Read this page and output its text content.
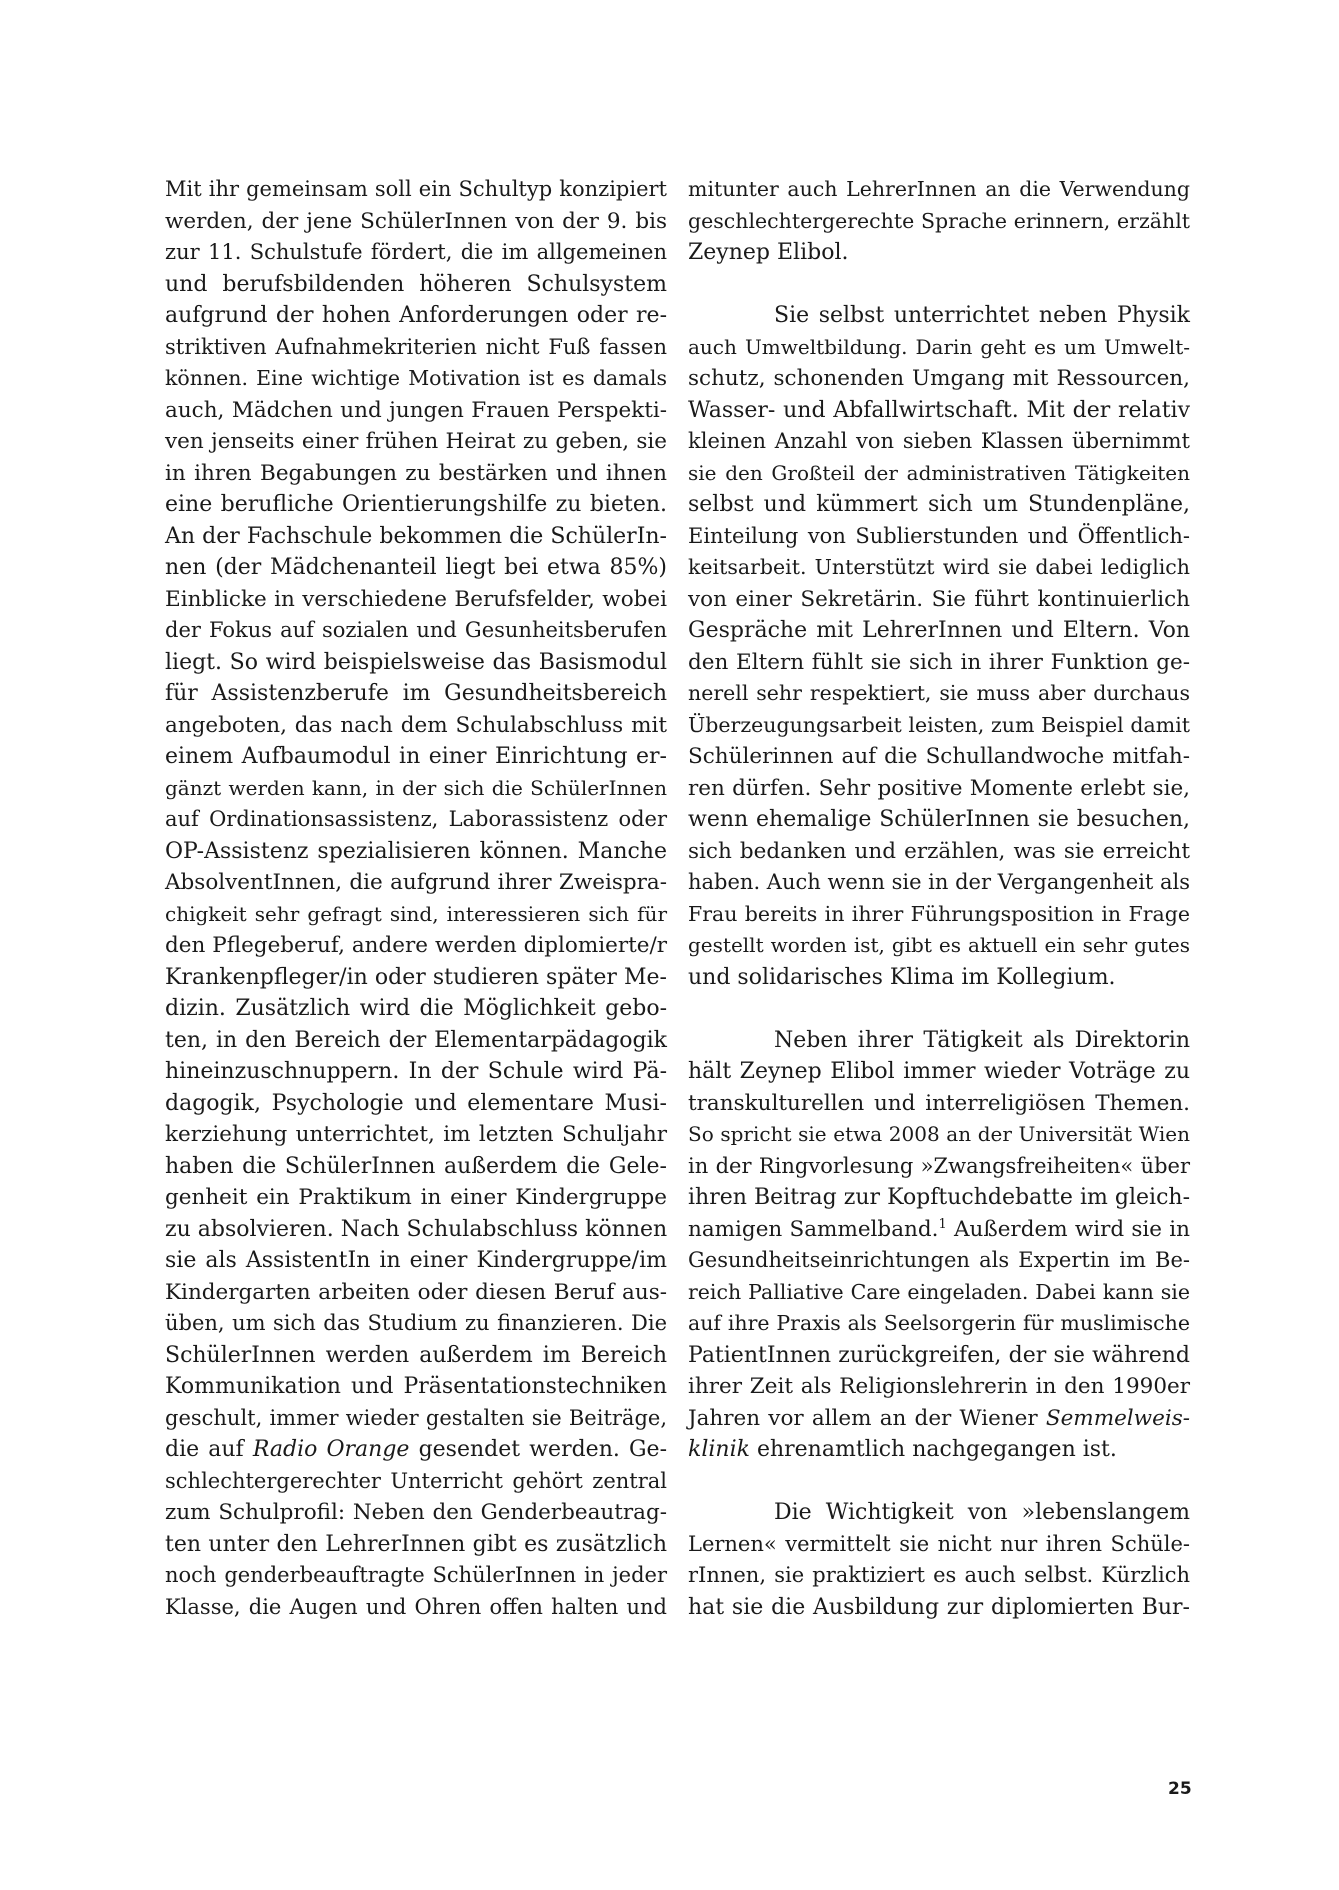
Mit ihr gemeinsam soll ein Schultyp konzipiert
werden, der jene SchülerInnen von der 9. bis
zur 11. Schulstufe fördert, die im allgemeinen
und berufsbildenden höheren Schulsystem
aufgrund der hohen Anforderungen oder re-
striktiven Aufnahmekriterien nicht Fuß fassen
können. Eine wichtige Motivation ist es damals
auch, Mädchen und jungen Frauen Perspekti-
ven jenseits einer frühen Heirat zu geben, sie
in ihren Begabungen zu bestärken und ihnen
eine berufliche Orientierungshilfe zu bieten.
An der Fachschule bekommen die SchülerIn-
nen (der Mädchenanteil liegt bei etwa 85%)
Einblicke in verschiedene Berufsfelder, wobei
der Fokus auf sozialen und Gesunheitsberufen
liegt. So wird beispielsweise das Basismodul
für Assistenzberufe im Gesundheitsbereich
angeboten, das nach dem Schulabschluss mit
einem Aufbaumodul in einer Einrichtung er-
gänzt werden kann, in der sich die SchülerInnen
auf Ordinationsassistenz, Laborassistenz oder
OP-Assistenz spezialisieren können. Manche
AbsolventInnen, die aufgrund ihrer Zweispra-
chigkeit sehr gefragt sind, interessieren sich für
den Pflegeberuf, andere werden diplomierte/r
Krankenpfleger/in oder studieren später Me-
dizin. Zusätzlich wird die Möglichkeit gebo-
ten, in den Bereich der Elementarpädagogik
hineinzuschnuppern. In der Schule wird Pä-
dagogik, Psychologie und elementare Musi-
kerziehung unterrichtet, im letzten Schuljahr
haben die SchülerInnen außerdem die Gele-
genheit ein Praktikum in einer Kindergruppe
zu absolvieren. Nach Schulabschluss können
sie als AssistentIn in einer Kindergruppe/im
Kindergarten arbeiten oder diesen Beruf aus-
üben, um sich das Studium zu finanzieren. Die
SchülerInnen werden außerdem im Bereich
Kommunikation und Präsentationstechniken
geschult, immer wieder gestalten sie Beiträge,
die auf Radio Orange gesendet werden. Ge-
schlechtergerechter Unterricht gehört zentral
zum Schulprofil: Neben den Genderbeautrag-
ten unter den LehrerInnen gibt es zusätzlich
noch genderbeauftragte SchülerInnen in jeder
Klasse, die Augen und Ohren offen halten und
mitunter auch LehrerInnen an die Verwendung
geschlechtergerechte Sprache erinnern, erzählt
Zeynep Elibol.
Sie selbst unterrichtet neben Physik
auch Umweltbildung. Darin geht es um Umwelt-
schutz, schonenden Umgang mit Ressourcen,
Wasser- und Abfallwirtschaft. Mit der relativ
kleinen Anzahl von sieben Klassen übernimmt
sie den Großteil der administrativen Tätigkeiten
selbst und kümmert sich um Stundenpläne,
Einteilung von Sublierstunden und Öffentlich-
keitsarbeit. Unterstützt wird sie dabei lediglich
von einer Sekretärin. Sie führt kontinuierlich
Gespräche mit LehrerInnen und Eltern. Von
den Eltern fühlt sie sich in ihrer Funktion ge-
nerell sehr respektiert, sie muss aber durchaus
Überzeugungsarbeit leisten, zum Beispiel damit
Schülerinnen auf die Schullandwoche mitfah-
ren dürfen. Sehr positive Momente erlebt sie,
wenn ehemalige SchülerInnen sie besuchen,
sich bedanken und erzählen, was sie erreicht
haben. Auch wenn sie in der Vergangenheit als
Frau bereits in ihrer Führungsposition in Frage
gestellt worden ist, gibt es aktuell ein sehr gutes
und solidarisches Klima im Kollegium.
Neben ihrer Tätigkeit als Direktorin
hält Zeynep Elibol immer wieder Voträge zu
transkulturellen und interreligiösen Themen.
So spricht sie etwa 2008 an der Universität Wien
in der Ringvorlesung »Zwangsfreiheiten« über
ihren Beitrag zur Kopftuchdebatte im gleich-
namigen Sammelband.$^1$ Außerdem wird sie in
Gesundheitseinrichtungen als Expertin im Be-
reich Palliative Care eingeladen. Dabei kann sie
auf ihre Praxis als Seelsorgerin für muslimische
PatientInnen zurückgreifen, der sie während
ihrer Zeit als Religionslehrerin in den 1990er
Jahren vor allem an der Wiener Semmelweis-
klinik ehrenamtlich nachgegangen ist.
Die Wichtigkeit von »lebenslangem
Lernen« vermittelt sie nicht nur ihren Schüle-
rInnen, sie praktiziert es auch selbst. Kürzlich
hat sie die Ausbildung zur diplomierten Bur-
25
